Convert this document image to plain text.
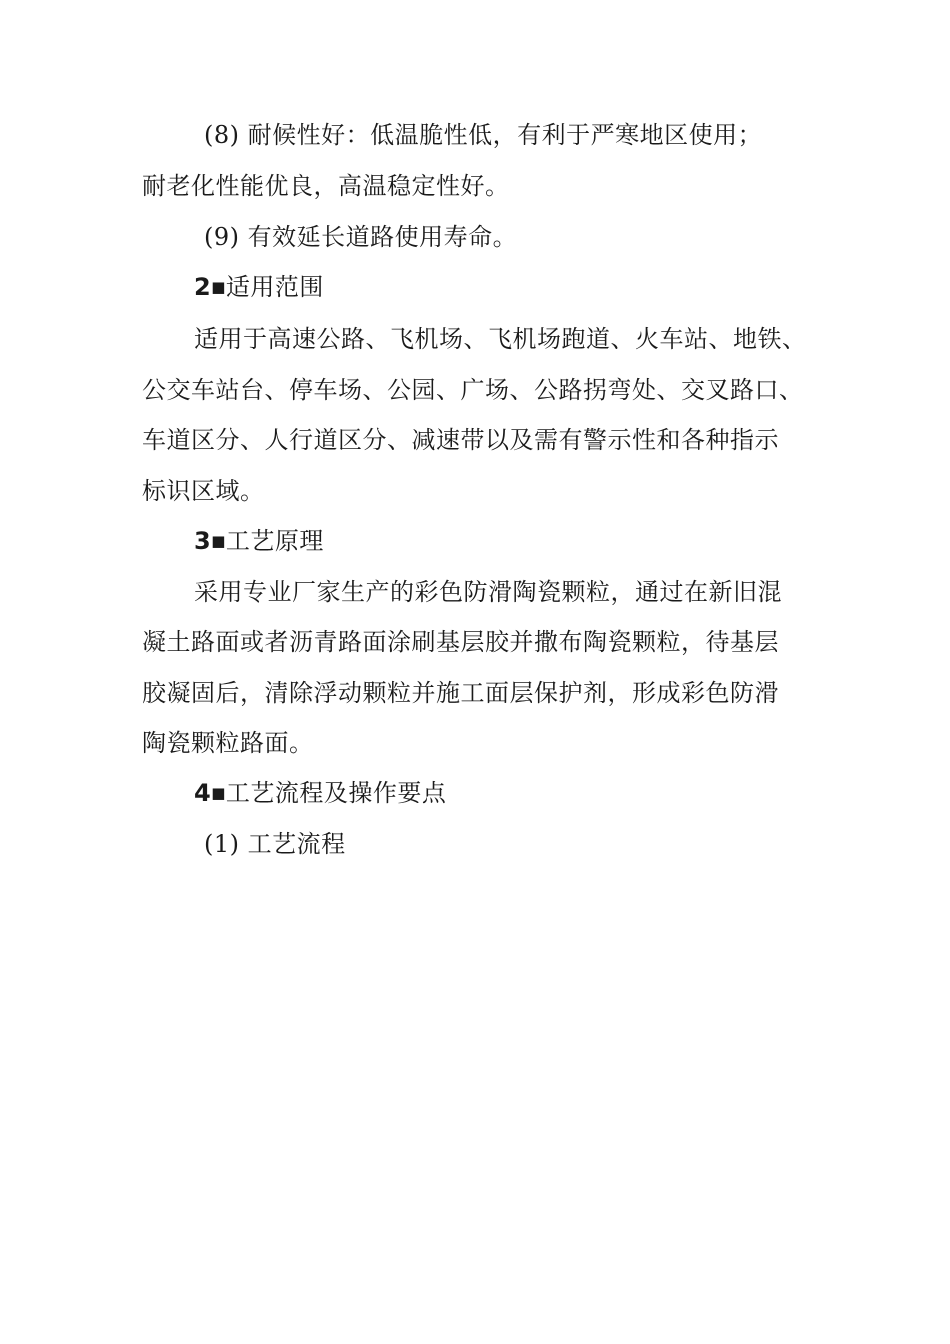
(8) 耐候性好：低温脆性低，有利于严寒地区使用；
耐老化性能优良，高温稳定性好。
(9) 有效延长道路使用寿命。
2■适用范围
适用于高速公路、飞机场、飞机场跑道、火车站、地铁、
公交车站台、停车场、公园、广场、公路拐弯处、交叉路口、
车道区分、人行道区分、减速带以及需有警示性和各种指示
标识区域。
3■工艺原理
采用专业厂家生产的彩色防滑陶瓷颗粒，通过在新旧混
凝土路面或者沥青路面涂刷基层胶并撒布陶瓷颗粒，待基层
胶凝固后，清除浮动颗粒并施工面层保护剂，形成彩色防滑
陶瓷颗粒路面。
4■工艺流程及操作要点
(1) 工艺流程
